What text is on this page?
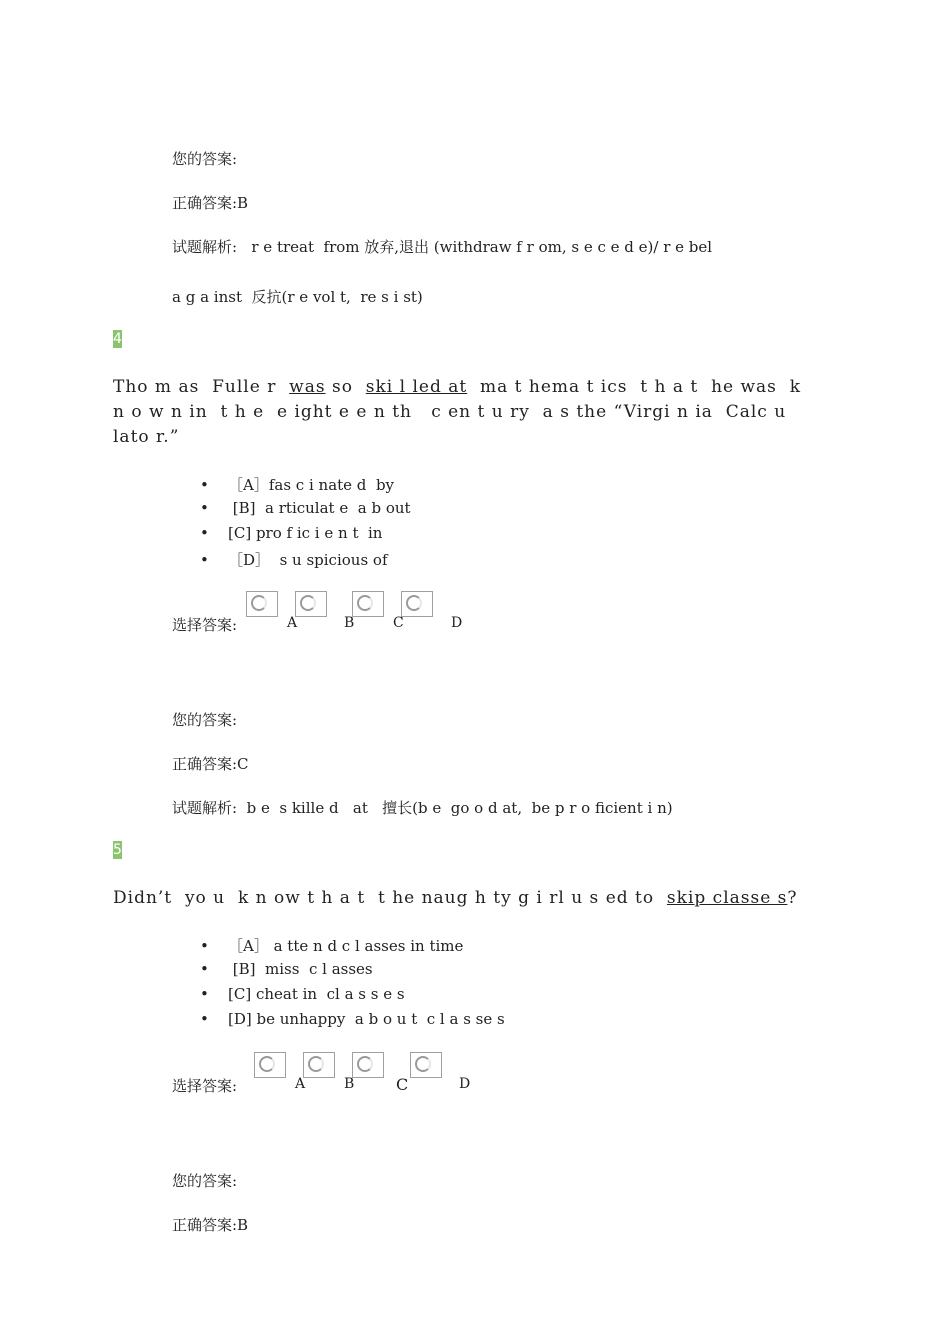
您的答案:
正确答案:B
试题解析:   r e treat  from 放弃,退出 (withdraw f r om, s e c e d e)/ r e bel
a g a inst  反抗(r e vol t,  re s i st)
4
Tho m as  Fulle r  was so  ski l led at  ma t hema t ics  t h a t  he was  k
n o w n in  t h e  e ight e e n th   c en t u ry  a s the “Virgi n ia  Calc u
lato r.”
• ［A］fas c i nate d  by
• [B]  a rticulat e  a b out
• [C] pro f ic i e n t  in
• ［D］  s u spicious of
选择答案:	A	B	C	D
您的答案:
正确答案:C
试题解析:  b e  s kille d   at   擅长(b e  go o d at,  be p r o ficient i n)
5
Didn’t  yo u  k n ow t h a t  t he naug h ty g i rl u s ed to  skip classe s?
• ［A］ a tte n d c l asses in time
• [B]  miss  c l asses
• [C] cheat in  cl a s s e s
• [D] be unhappy  a b o u t  c l a s se s
选择答案:	A	B	C	D
您的答案:
正确答案:B
